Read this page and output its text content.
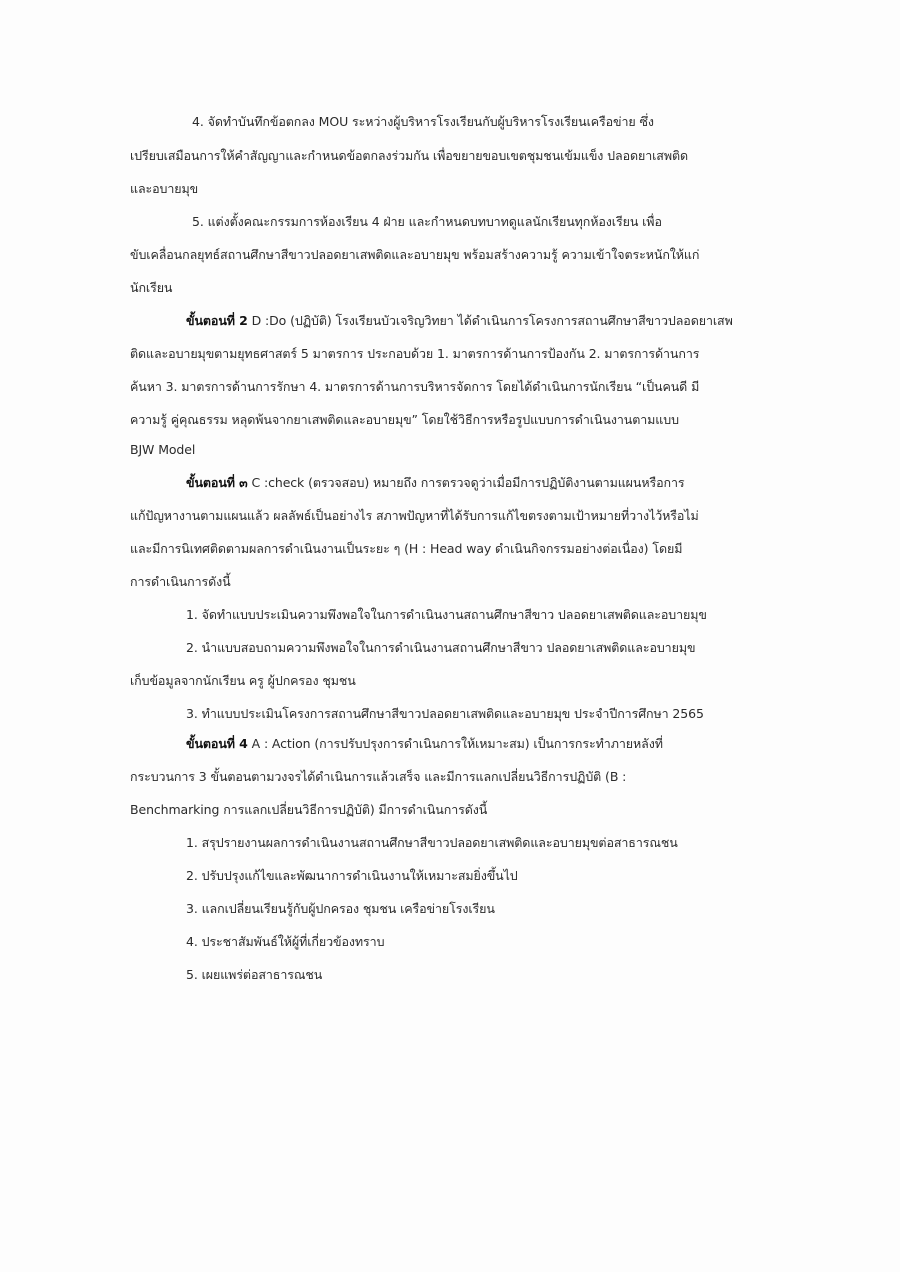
4. จัดทำบันทึกข้อตกลง MOU ระหว่างผู้บริหารโรงเรียนกับผู้บริหารโรงเรียนเครือข่าย ซึ่ง
เปรียบเสมือนการให้คำสัญญาและกำหนดข้อตกลงร่วมกัน เพื่อขยายขอบเขตชุมชนเข้มแข็ง ปลอดยาเสพติด
และอบายมุข
5. แต่งตั้งคณะกรรมการห้องเรียน 4 ฝ่าย และกำหนดบทบาทดูแลนักเรียนทุกห้องเรียน เพื่อ
ขับเคลื่อนกลยุทธ์สถานศึกษาสีขาวปลอดยาเสพติดและอบายมุข พร้อมสร้างความรู้ ความเข้าใจตระหนักให้แก่
นักเรียน
ขั้นตอนที่ 2 D :Do (ปฏิบัติ) โรงเรียนบัวเจริญวิทยา ได้ดำเนินการโครงการสถานศึกษาสีขาวปลอดยาเสพ
ติดและอบายมุขตามยุทธศาสตร์ 5 มาตรการ ประกอบด้วย 1. มาตรการด้านการป้องกัน 2. มาตรการด้านการ
ค้นหา 3. มาตรการด้านการรักษา 4. มาตรการด้านการบริหารจัดการ โดยได้ดำเนินการนักเรียน “เป็นคนดี มี
ความรู้ คู่คุณธรรม หลุดพ้นจากยาเสพติดและอบายมุข” โดยใช้วิธีการหรือรูปแบบการดำเนินงานตามแบบ
BJW Model
ขั้นตอนที่ ๓ C :check (ตรวจสอบ) หมายถึง การตรวจดูว่าเมื่อมีการปฏิบัติงานตามแผนหรือการ
แก้ปัญหางานตามแผนแล้ว ผลลัพธ์เป็นอย่างไร สภาพปัญหาที่ได้รับการแก้ไขตรงตามเป้าหมายที่วางไว้หรือไม่
และมีการนิเทศติดตามผลการดำเนินงานเป็นระยะ ๆ (H : Head way ดำเนินกิจกรรมอย่างต่อเนื่อง) โดยมี
การดำเนินการดังนี้
1. จัดทำแบบประเมินความพึงพอใจในการดำเนินงานสถานศึกษาสีขาว ปลอดยาเสพติดและอบายมุข
2. นำแบบสอบถามความพึงพอใจในการดำเนินงานสถานศึกษาสีขาว ปลอดยาเสพติดและอบายมุข
เก็บข้อมูลจากนักเรียน ครู ผู้ปกครอง ชุมชน
3. ทำแบบประเมินโครงการสถานศึกษาสีขาวปลอดยาเสพติดและอบายมุข ประจำปีการศึกษา 2565
ขั้นตอนที่ 4 A : Action (การปรับปรุงการดำเนินการให้เหมาะสม) เป็นการกระทำภายหลังที่
กระบวนการ 3 ขั้นตอนตามวงจรได้ดำเนินการแล้วเสร็จ และมีการแลกเปลี่ยนวิธีการปฏิบัติ (B :
Benchmarking การแลกเปลี่ยนวิธีการปฏิบัติ) มีการดำเนินการดังนี้
1. สรุปรายงานผลการดำเนินงานสถานศึกษาสีขาวปลอดยาเสพติดและอบายมุขต่อสาธารณชน
2. ปรับปรุงแก้ไขและพัฒนาการดำเนินงานให้เหมาะสมยิ่งขึ้นไป
3. แลกเปลี่ยนเรียนรู้กับผู้ปกครอง ชุมชน เครือข่ายโรงเรียน
4. ประชาสัมพันธ์ให้ผู้ที่เกี่ยวข้องทราบ
5. เผยแพร่ต่อสาธารณชน
